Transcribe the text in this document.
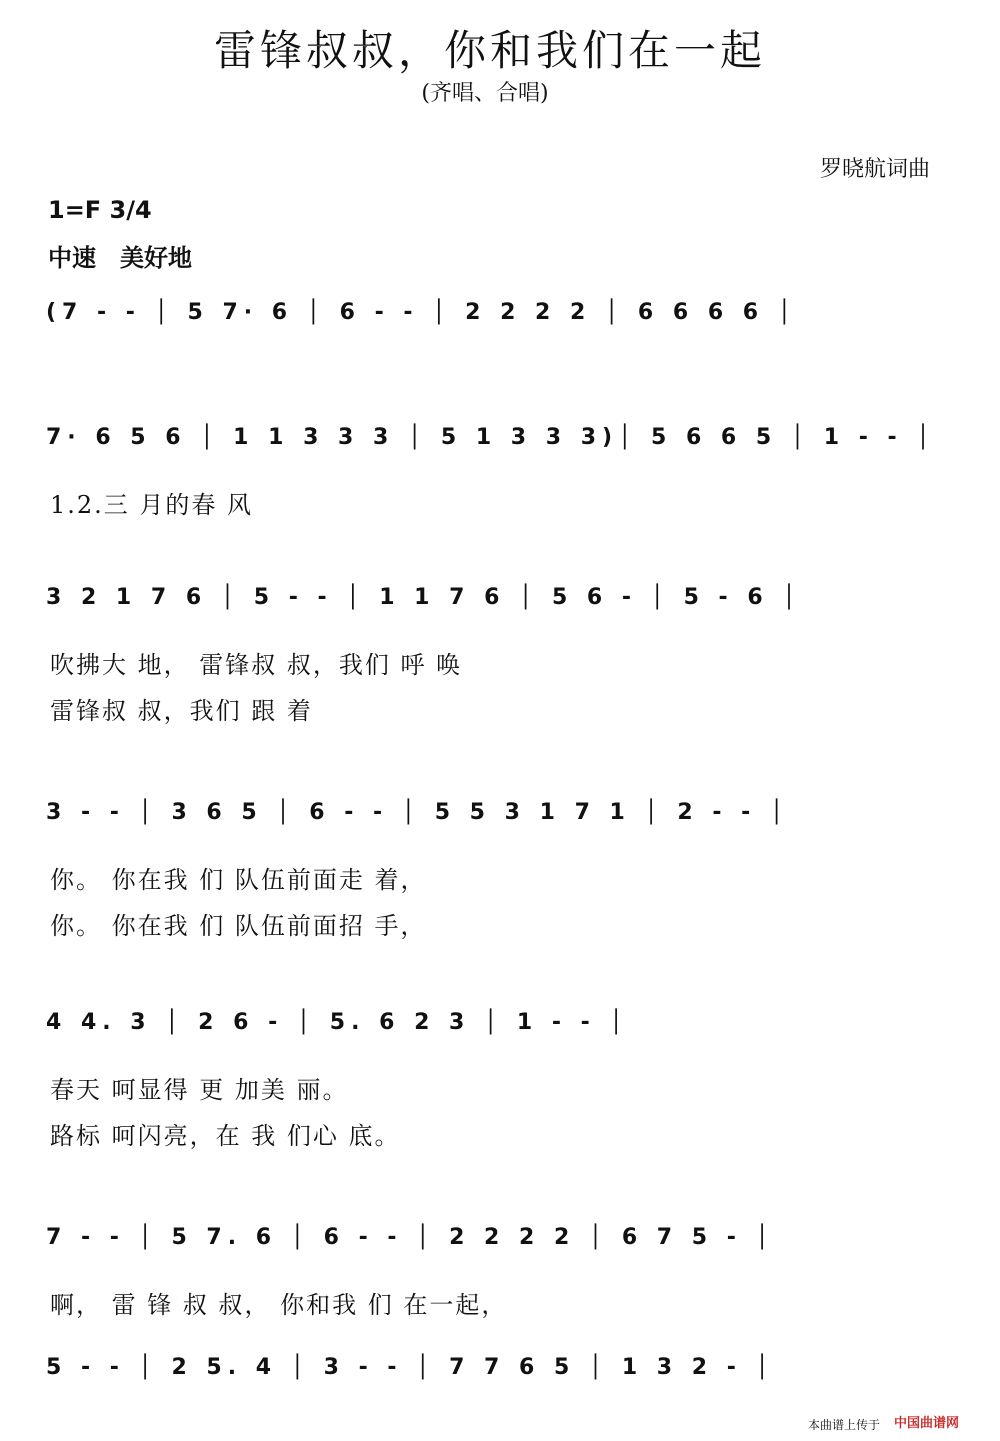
雷锋叔叔，你和我们在一起
(齐唱、合唱)
罗晓航词曲
1=F 3/4
中速　美好地
(7 - - │ 5 7· 6 │ 6 - - │ 2 2 2 2 │ 6 6 6 6 │
7· 6 5 6 │ 1 1 3 3 3 │ 5 1 3 3 3)│ 5 6 6 5 │ 1 - - │
1.2.三 月的春 风
3 2 1 7 6 │ 5 - - │ 1 1 7 6 │ 5 6 - │ 5 - 6 │
吹拂大 地， 雷锋叔 叔，我们 呼 唤
雷锋叔 叔，我们 跟 着
3 - - │ 3 6 5 │ 6 - - │ 5 5 3 1 7 1 │ 2 - - │
你。 你在我 们 队伍前面走 着，
你。 你在我 们 队伍前面招 手，
4 4. 3 │ 2 6 - │ 5. 6 2 3 │ 1 - - │
春天 呵显得 更 加美 丽。
路标 呵闪亮，在 我 们心 底。
7 - - │ 5 7. 6 │ 6 - - │ 2 2 2 2 │ 6 7 5 - │
啊， 雷 锋 叔 叔， 你和我 们 在一起，
5 - - │ 2 5. 4 │ 3 - - │ 7 7 6 5 │ 1 3 2 - │
本曲谱上传于 中国曲谱网
